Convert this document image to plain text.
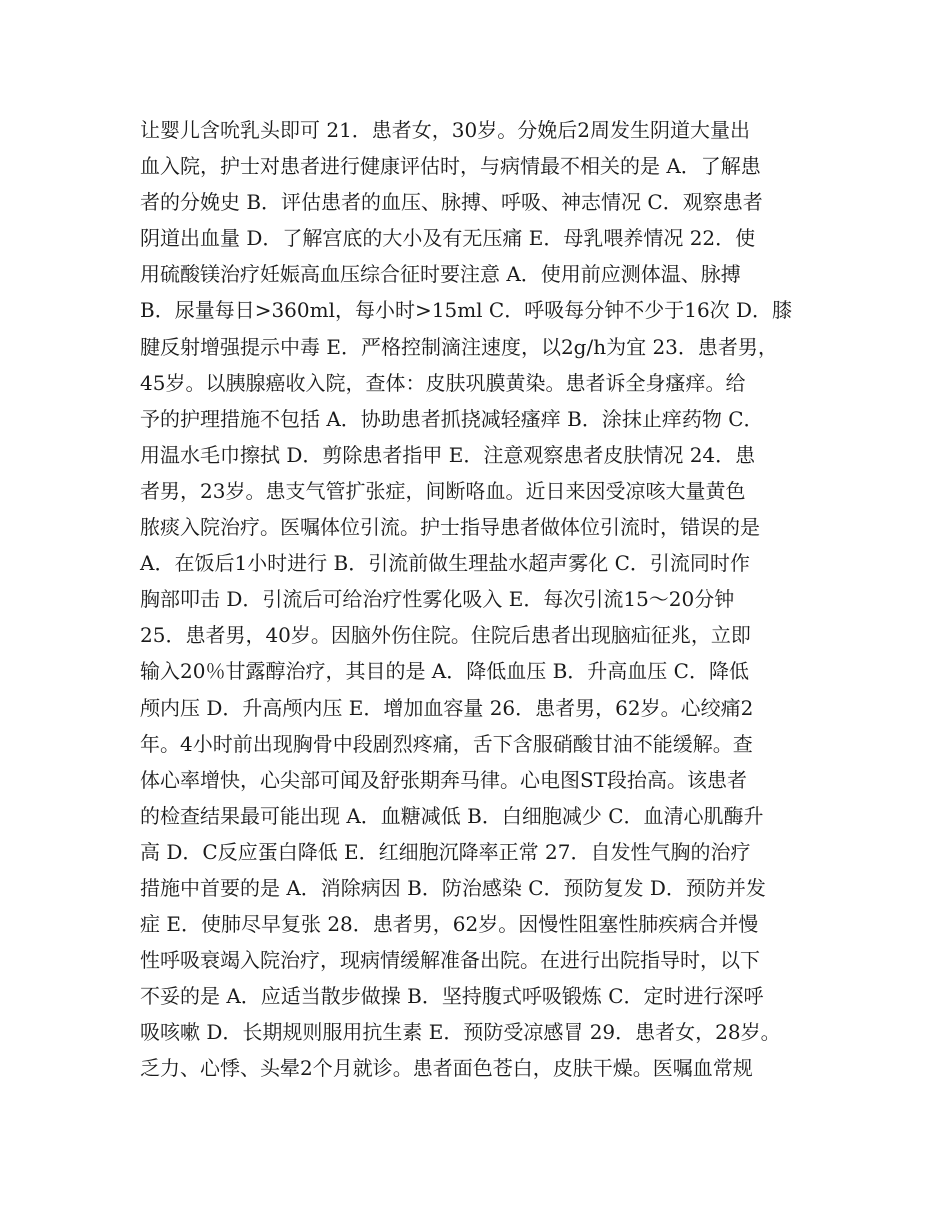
让婴儿含吮乳头即可 21．患者女，30岁。分娩后2周发生阴道大量出
血入院，护士对患者进行健康评估时，与病情最不相关的是 A．了解患
者的分娩史 B．评估患者的血压、脉搏、呼吸、神志情况 C．观察患者
阴道出血量 D．了解宫底的大小及有无压痛 E．母乳喂养情况 22．使
用硫酸镁治疗妊娠高血压综合征时要注意 A．使用前应测体温、脉搏
B．尿量每日>360ml，每小时>15ml C．呼吸每分钟不少于16次 D．膝
腱反射增强提示中毒 E．严格控制滴注速度，以2g/h为宜 23．患者男，
45岁。以胰腺癌收入院，查体：皮肤巩膜黄染。患者诉全身瘙痒。给
予的护理措施不包括 A．协助患者抓挠减轻瘙痒 B．涂抹止痒药物 C．
用温水毛巾擦拭 D．剪除患者指甲 E．注意观察患者皮肤情况 24．患
者男，23岁。患支气管扩张症，间断咯血。近日来因受凉咳大量黄色
脓痰入院治疗。医嘱体位引流。护士指导患者做体位引流时，错误的是
A．在饭后1小时进行 B．引流前做生理盐水超声雾化 C．引流同时作
胸部叩击 D．引流后可给治疗性雾化吸入 E．每次引流15～20分钟
25．患者男，40岁。因脑外伤住院。住院后患者出现脑疝征兆，立即
输入20％甘露醇治疗，其目的是 A．降低血压 B．升高血压 C．降低
颅内压 D．升高颅内压 E．增加血容量 26．患者男，62岁。心绞痛2
年。4小时前出现胸骨中段剧烈疼痛，舌下含服硝酸甘油不能缓解。查
体心率增快，心尖部可闻及舒张期奔马律。心电图ST段抬高。该患者
的检查结果最可能出现 A．血糖减低 B．白细胞减少 C．血清心肌酶升
高 D．C反应蛋白降低 E．红细胞沉降率正常 27．自发性气胸的治疗
措施中首要的是 A．消除病因 B．防治感染 C．预防复发 D．预防并发
症 E．使肺尽早复张 28．患者男，62岁。因慢性阻塞性肺疾病合并慢
性呼吸衰竭入院治疗，现病情缓解准备出院。在进行出院指导时，以下
不妥的是 A．应适当散步做操 B．坚持腹式呼吸锻炼 C．定时进行深呼
吸咳嗽 D．长期规则服用抗生素 E．预防受凉感冒 29．患者女，28岁。
乏力、心悸、头晕2个月就诊。患者面色苍白，皮肤干燥。医嘱血常规
